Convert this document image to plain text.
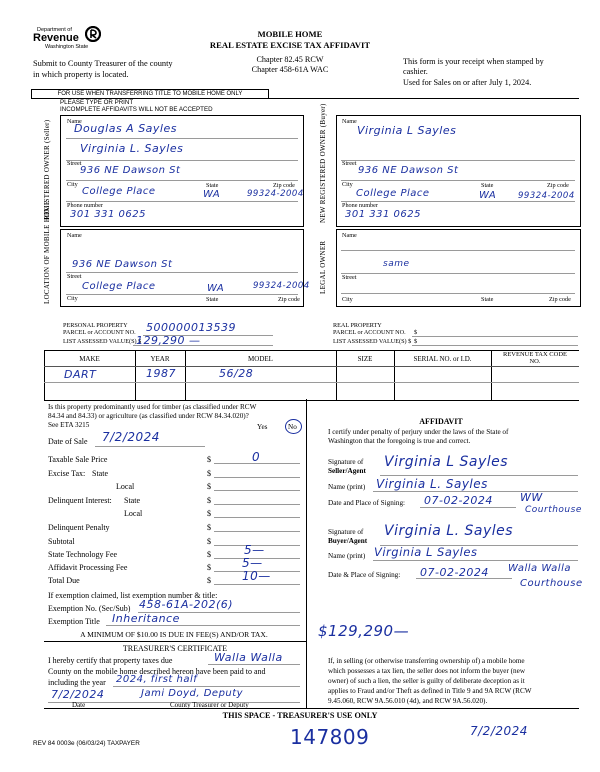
Department of
Revenue
Washington State
Submit to County Treasurer of the county
in which property is located.
MOBILE HOME
REAL ESTATE EXCISE TAX AFFIDAVIT
Chapter 82.45 RCW
Chapter 458-61A WAC
This form is your receipt when stamped by
cashier.
Used for Sales on or after July 1, 2024.
FOR USE WHEN TRANSFERRING TITLE TO MOBILE HOME ONLY
PLEASE TYPE OR PRINT
INCOMPLETE AFFIDAVITS WILL NOT BE ACCEPTED
REGISTERED OWNER (Seller)	Name
Douglas A Sayles
Virginia L. Sayles
Street
936 NE Dawson St
City
College Place
State
WA
Zip code
99324-2004
Phone number
301 331 0625	NEW REGISTERED OWNER (Buyer) Name
Virginia L Sayles
Street
936 NE Dawson St
City
College Place
State
WA
Zip code
99324-2004
Phone number
301 331 0625
LOCATION OF MOBILE HOME	Name
936 NE Dawson St
Street
College Place	WA	99324-2004
City	State	Zip code
LEGAL OWNER
Name
same
Street
City	State	Zip code
PERSONAL PROPERTY
PARCEL or ACCOUNT NO. 500000013539
LIST ASSESSED VALUE(S) $
129,290 —
REAL PROPERTY
PARCEL or ACCOUNT NO. $
LIST ASSESSED VALUE(S) $ $
MAKE	YEAR	MODEL	SIZE	SERIAL NO. or I.D.
REVENUE TAX CODE NO.
DART	1987	56/28
Is this property predominantly used for timber (as classified under RCW
84.34 and 84.33) or agriculture (as classified under RCW 84.34.020)?
See ETA 3215	Yes	No
Date of Sale 7/2/2024
Taxable Sale Price	$	0
Excise Tax: State	$
Local	$
Delinquent Interest: State	$
Local	$
Delinquent Penalty	$
Subtotal	$
State Technology Fee	$	5—
Affidavit Processing Fee	$	5—
Total Due	$	10—
If exemption claimed, list exemption number & title:
Exemption No. (Sec/Sub) 458-61A-202(6)
Exemption Title Inheritance
A MINIMUM OF $10.00 IS DUE IN FEE(S) AND/OR TAX.
TREASURER'S CERTIFICATE
I hereby certify that property taxes due	Walla Walla
County on the mobile home described hereon have been paid to and
including the year 2024, first half
7/2/2024	Jami Doyd, Deputy
Date	County Treasurer or Deputy
AFFIDAVIT
I certify under penalty of perjury under the laws of the State of
Washington that the foregoing is true and correct.
Signature of
Seller/Agent
Virginia L Sayles
Name (print) Virginia L. Sayles
Date and Place of Signing: 07-02-2024 WW
Courthouse
Signature of
Buyer/Agent
Virginia L. Sayles
Name (print) Virginia L Sayles
Date & Place of Signing: 07-02-2024 Walla Walla
Courthouse
$129,290—
If, in selling (or otherwise transferring ownership of) a mobile home
which possesses a tax lien, the seller does not inform the buyer (new
owner) of such a lien, the seller is guilty of deliberate deception as it
applies to Fraud and/or Theft as defined in Title 9 and 9A RCW (RCW
9.45.060, RCW 9A.56.010 (4d), and RCW 9A.56.020).
THIS SPACE - TREASURER'S USE ONLY
147809	7/2/2024
REV 84 0003e (06/03/24) TAXPAYER
